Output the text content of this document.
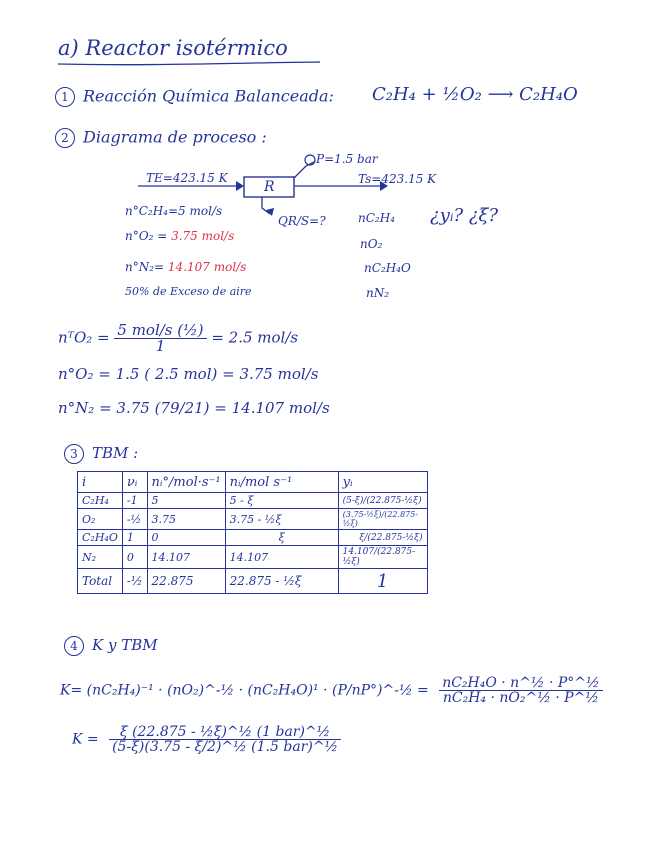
a) Reactor isotérmico
1 Reacción Química Balanceada: C₂H₄ + ½O₂ ⟶ C₂H₄O
2 Diagrama de proceso :
P=1.5 bar
TE=423.15 K
R
QR/S=?
Ts=423.15 K
n°C₂H₄=5 mol/s
n°O₂ = 3.75 mol/s
n°N₂= 14.107 mol/s
50% de Exceso de aire
nC₂H₄
nO₂
nC₂H₄O
nN₂
¿yᵢ? ¿ξ?
nᵀO₂ = $\frac{\text{5 mol/s (½)}}{1} = 2.5$ mol/s
n°O₂ = 1.5 ( 2.5 mol) = 3.75 mol/s
n°N₂ = 3.75 (79/21) = 14.107 mol/s
3 TBM :
i	νᵢ	nᵢ°/mol·s⁻¹	nᵢ/mol s⁻¹	yᵢ
C₂H₄	-1	5	5 - ξ	(5-ξ)/(22.875-½ξ)
O₂	-½	3.75	3.75 - ½ξ	(3.75-½ξ)/(22.875-½ξ)
C₂H₄O	1	0	ξ	ξ/(22.875-½ξ)
N₂	0	14.107	14.107	14.107/(22.875-½ξ)
Total	-½	22.875	22.875 - ½ξ	1
4 K y TBM
K= (nC₂H₄)⁻¹ · (nO₂)^-½ · (nC₂H₄O)¹ · (P/nP°)^-½ = $\frac{\text{nC₂H₄O · n\textasciicircum{}½ · P°\textasciicircum{}½}}{\text{nC₂H₄ · nO₂\textasciicircum{}½ · P\textasciicircum{}½}}$
$K = \frac{\text{ξ (22.875 - ½ξ)\textasciicircum{}½ (1 bar)\textasciicircum{}½}}{\text{(5-ξ)(3.75 - ξ/2)\textasciicircum{}½ (1.5 bar)\textasciicircum{}½}}$
